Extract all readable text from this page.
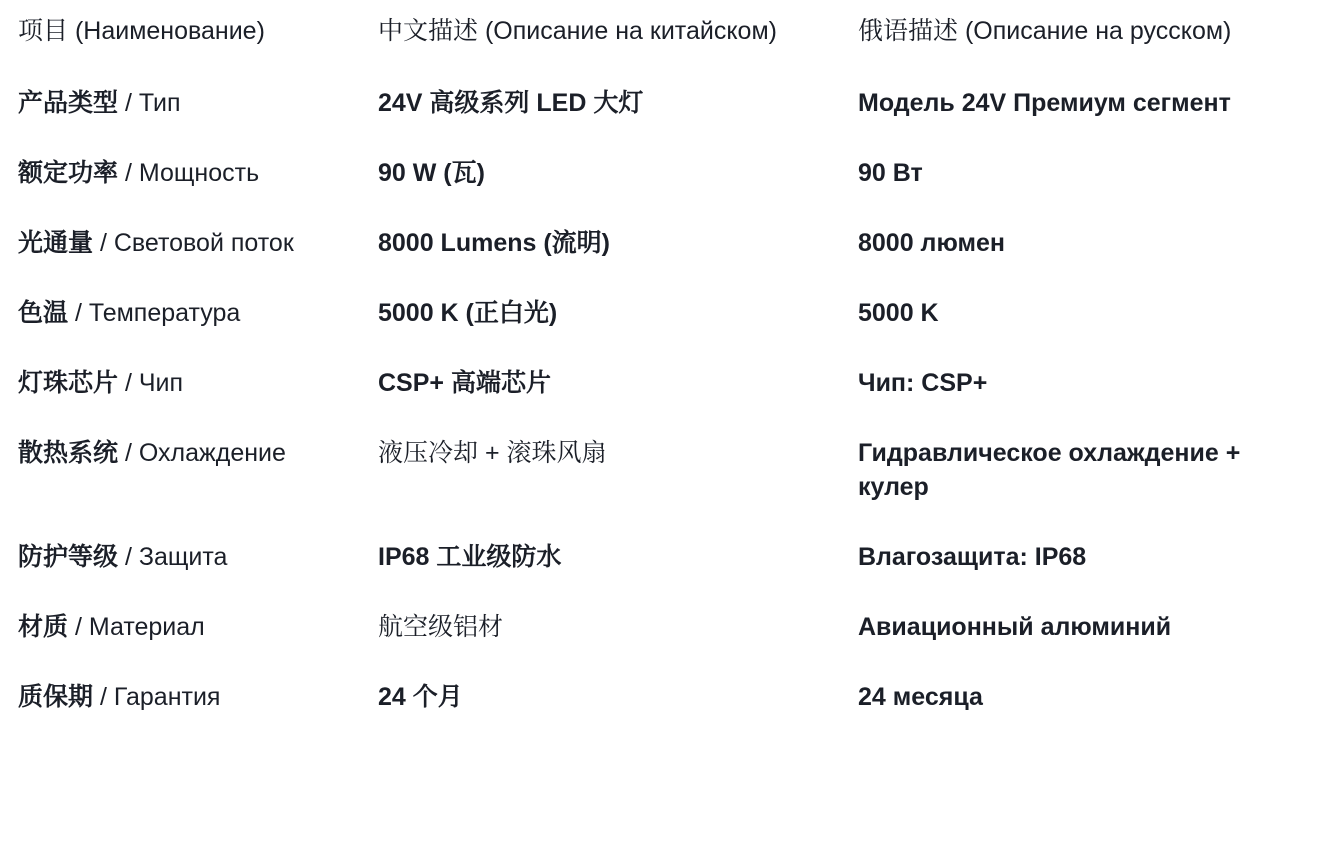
项目 (Наименование)	中文描述 (Описание на китайском)	俄语描述 (Описание на русском)
产品类型 / Тип	24V 高级系列 LED 大灯	Модель 24V Премиум сегмент
额定功率 / Мощность	90 W (瓦)	90 Вт
光通量 / Световой поток	8000 Lumens (流明)	8000 люмен
色温 / Температура	5000 K (正白光)	5000 K
灯珠芯片 / Чип	CSP+ 高端芯片	Чип: CSP+
散热系统 / Охлаждение	液压冷却 + 滚珠风扇	Гидравлическое охлаждение + кулер
防护等级 / Защита	IP68 工业级防水	Влагозащита: IP68
材质 / Материал	航空级铝材	Авиационный алюминий
质保期 / Гарантия	24 个月	24 месяца
